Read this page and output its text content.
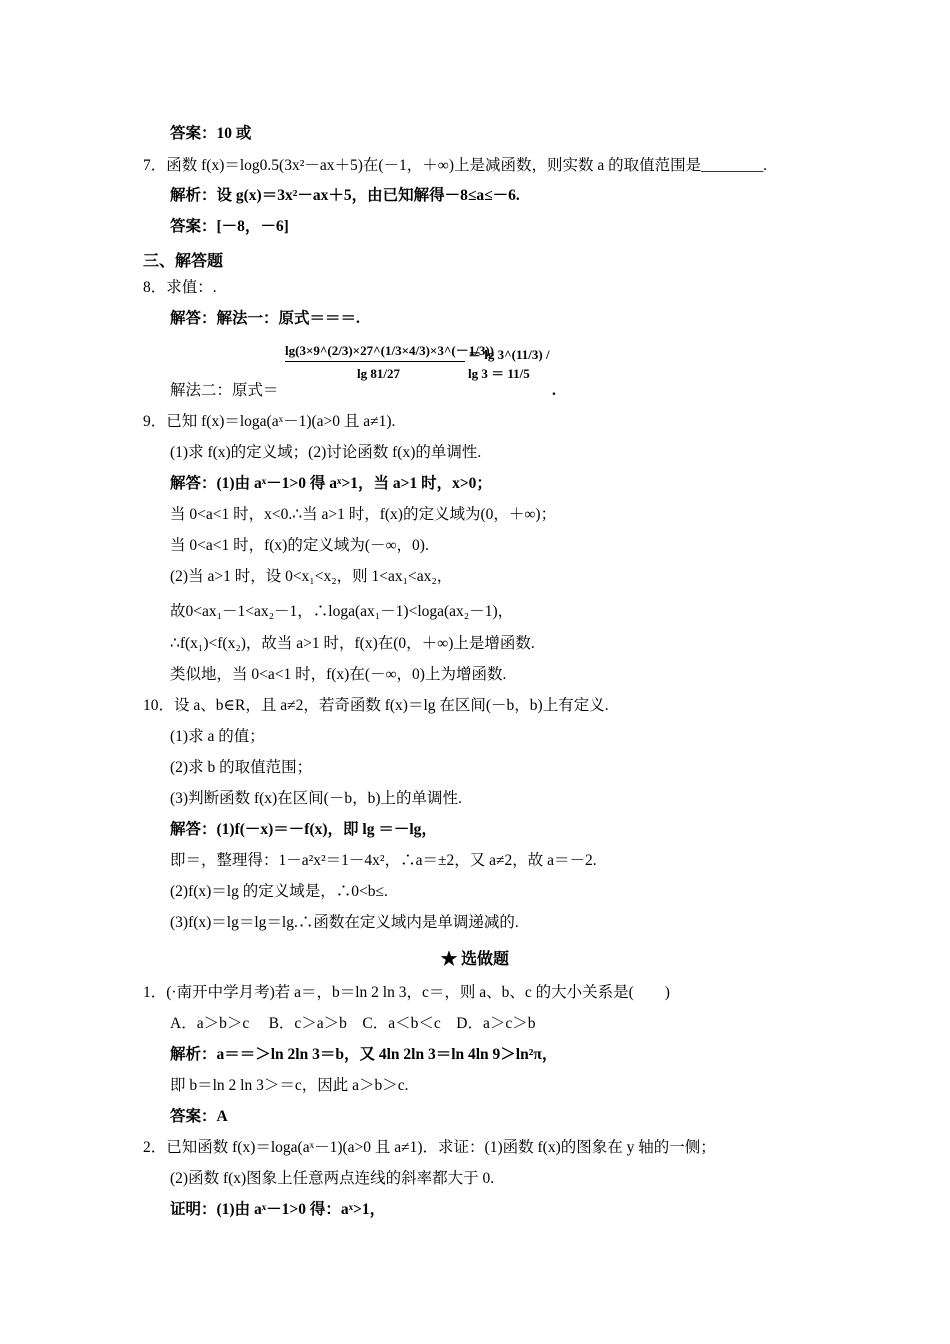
答案：10 或
7．函数 f(x)＝log0.5(3x²－ax＋5)在(－1，＋∞)上是减函数，则实数 a 的取值范围是________.
解析：设 g(x)＝3x²－ax＋5，由已知解得－8≤a≤－6.
答案：[－8，－6]
8．求值：.
解答：解法一：原式＝＝＝.
解法二：原式＝
9．已知 f(x)＝loga(aˣ－1)(a>0 且 a≠1).
(1)求 f(x)的定义域；(2)讨论函数 f(x)的单调性.
解答：(1)由 aˣ－1>0 得 aˣ>1，当 a>1 时，x>0；
当 0<a<1 时，x<0.∴当 a>1 时，f(x)的定义域为(0，＋∞)；
当 0<a<1 时，f(x)的定义域为(－∞，0).
(2)当 a>1 时，设 0<x₁<x₂，则 1<ax₁<ax₂，
故0<ax₁－1<ax₂－1，∴loga(ax₁－1)<loga(ax₂－1)，
∴f(x₁)<f(x₂)，故当 a>1 时，f(x)在(0，＋∞)上是增函数.
类似地，当 0<a<1 时，f(x)在(－∞，0)上为增函数.
10．设 a、b∈R，且 a≠2，若奇函数 f(x)＝lg 在区间(－b，b)上有定义.
(1)求 a 的值；
(2)求 b 的取值范围；
(3)判断函数 f(x)在区间(－b，b)上的单调性.
解答：(1)f(－x)＝－f(x)，即 lg ＝－lg，
即＝，整理得：1－a²x²＝1－4x²，∴a＝±2，又 a≠2，故 a＝－2.
(2)f(x)＝lg 的定义域是，∴0<b≤.
(3)f(x)＝lg＝lg＝lg.∴函数在定义域内是单调递减的.
1．(·南开中学月考)若 a＝，b＝ln 2 ln 3，c＝，则 a、b、c 的大小关系是(　　)
A．a＞b＞c　 B．c＞a＞b　C．a＜b＜c　D．a＞c＞b
解析：a＝＝＞ln 2ln 3＝b，又 4ln 2ln 3＝ln 4ln 9＞ln²π，
即 b＝ln 2 ln 3＞＝c，因此 a＞b＞c.
答案：A
2．已知函数 f(x)＝loga(aˣ－1)(a>0 且 a≠1)．求证：(1)函数 f(x)的图象在 y 轴的一侧；
(2)函数 f(x)图象上任意两点连线的斜率都大于 0.
证明：(1)由 aˣ－1>0 得：aˣ>1，
三、解答题
lg(3×9^(2/3)×27^(1/3×4/3)×3^(－1/3))
lg 81/27
＝ lg 3^(11/3) / lg 3 ＝ 11/5
.
★ 选做题
